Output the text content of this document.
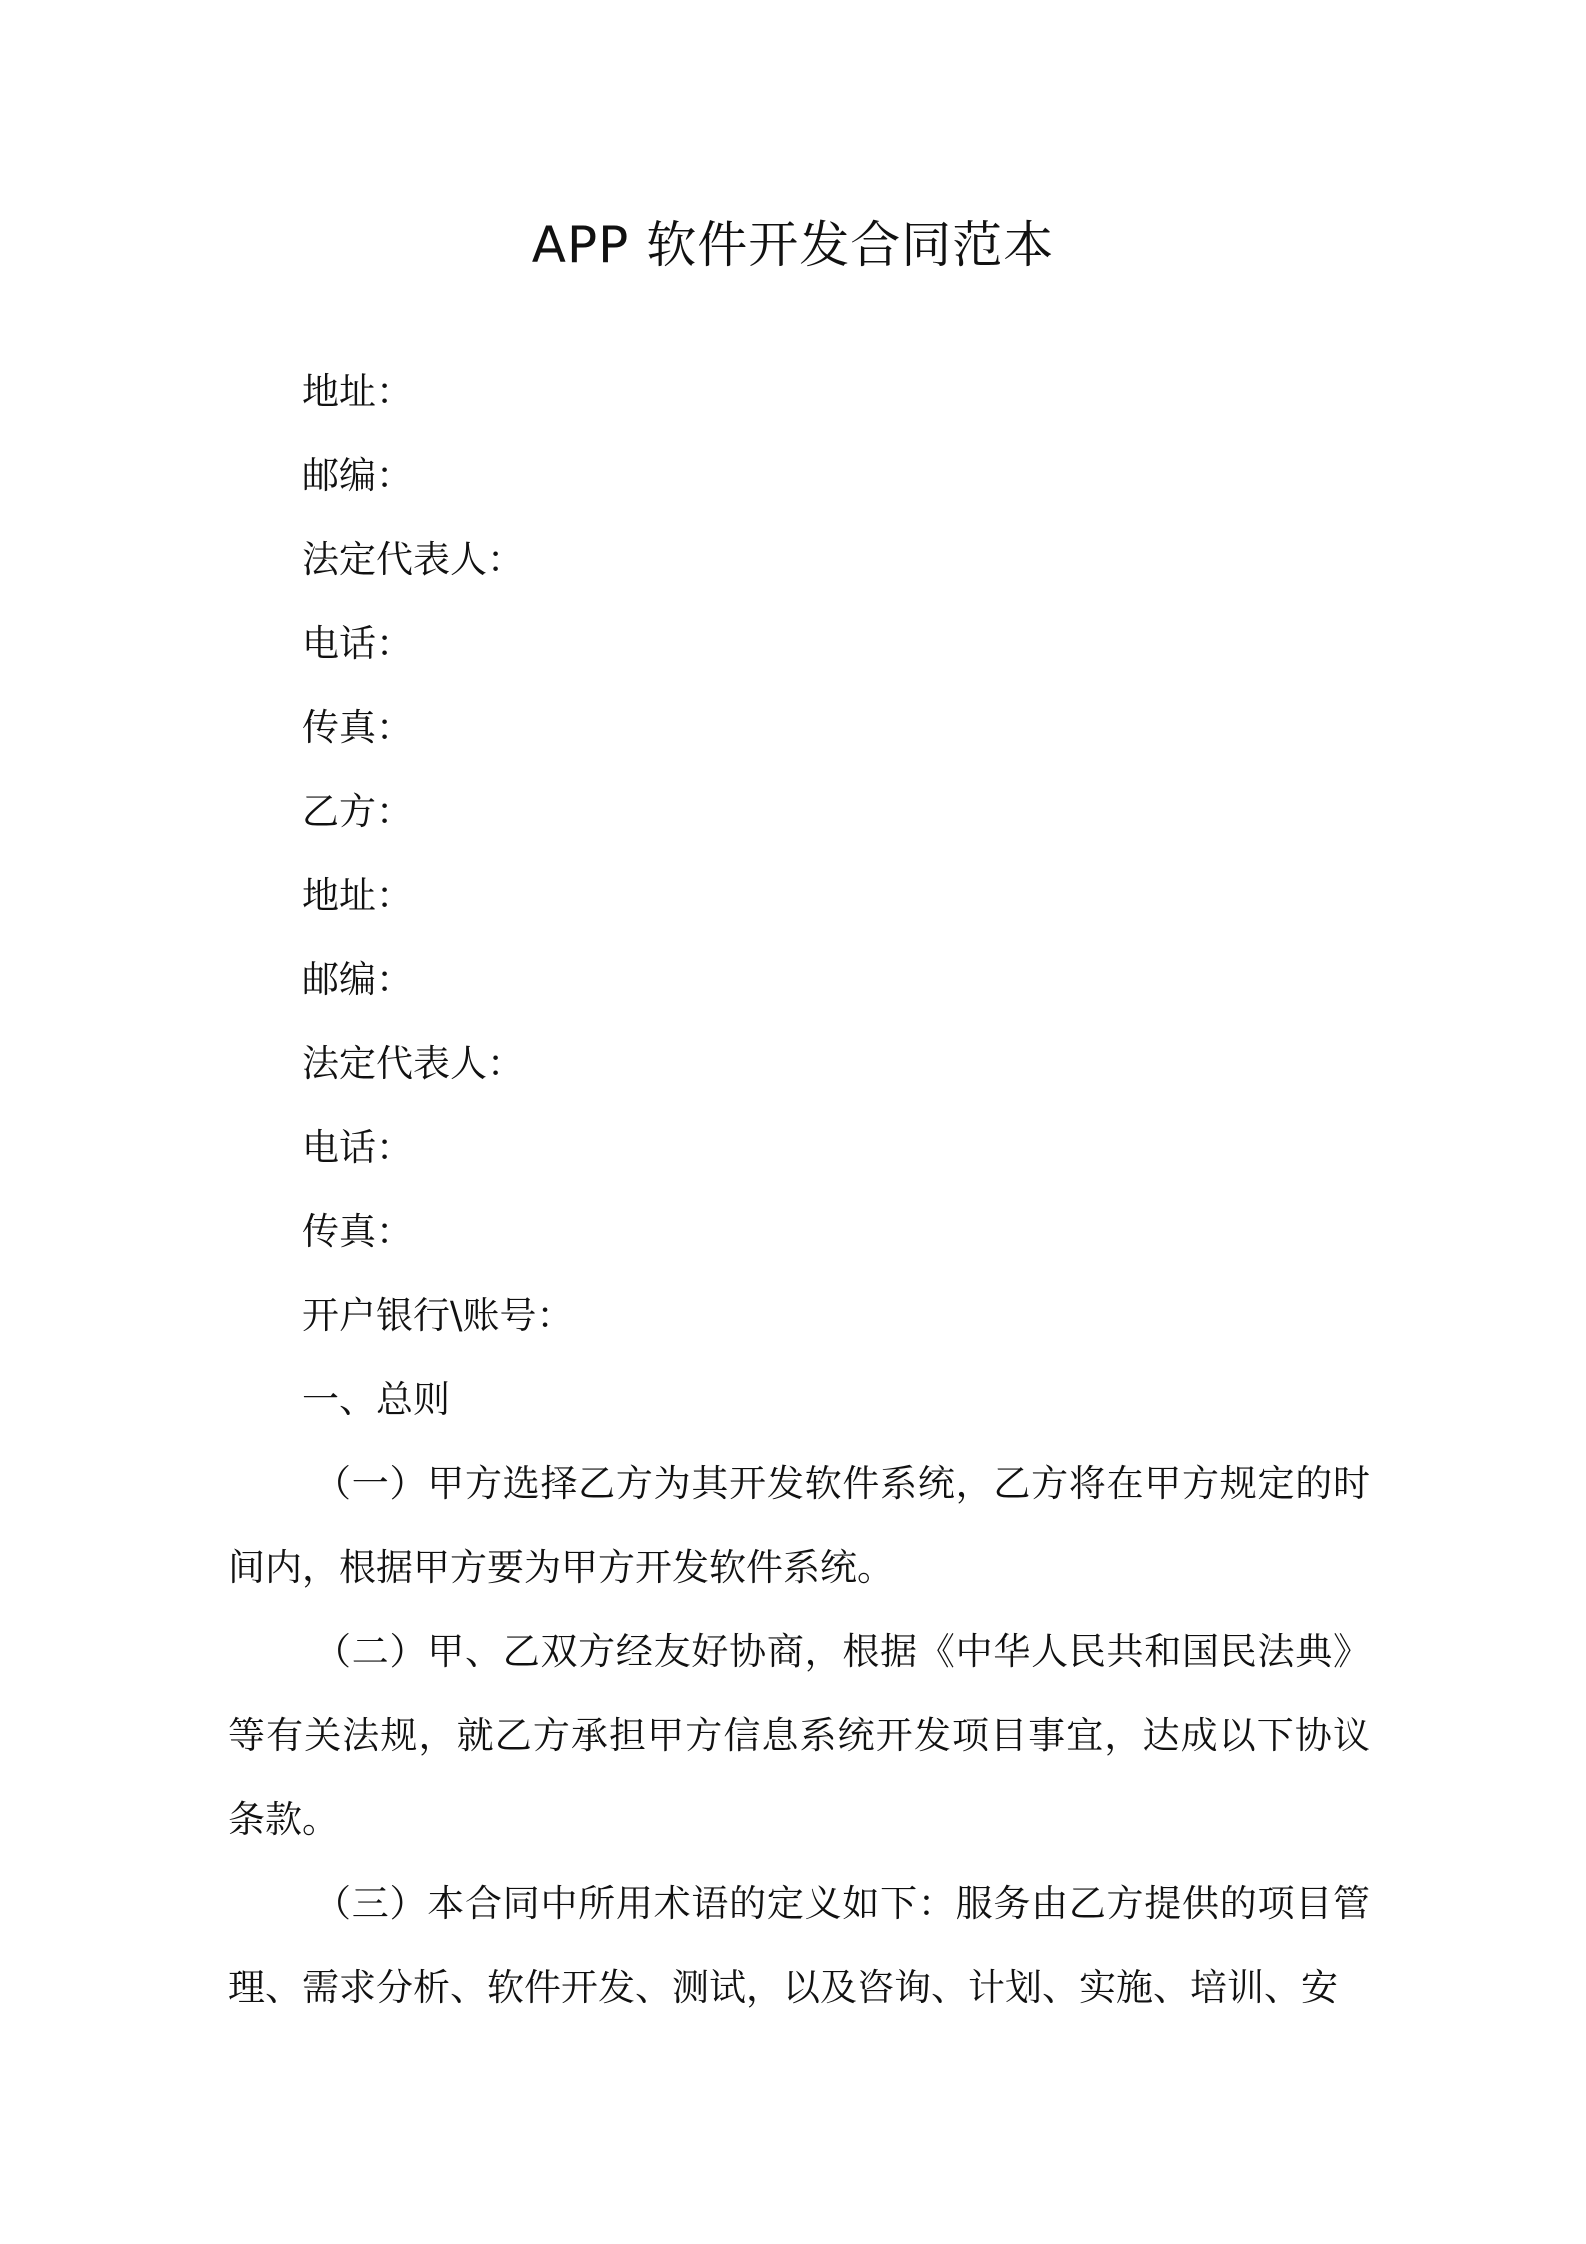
APP 软件开发合同范本
地址：
邮编：
法定代表人：
电话：
传真：
乙方：
地址：
邮编：
法定代表人：
电话：
传真：
开户银行\账号：
一、总则

（一）甲方选择乙方为其开发软件系统，乙方将在甲方规定的时间内，根据甲方要为甲方开发软件系统。

（二）甲、乙双方经友好协商，根据《中华人民共和国民法典》等有关法规，就乙方承担甲方信息系统开发项目事宜，达成以下协议条款。

（三）本合同中所用术语的定义如下：服务由乙方提供的项目管理、需求分析、软件开发、测试，以及咨询、计划、实施、培训、安
